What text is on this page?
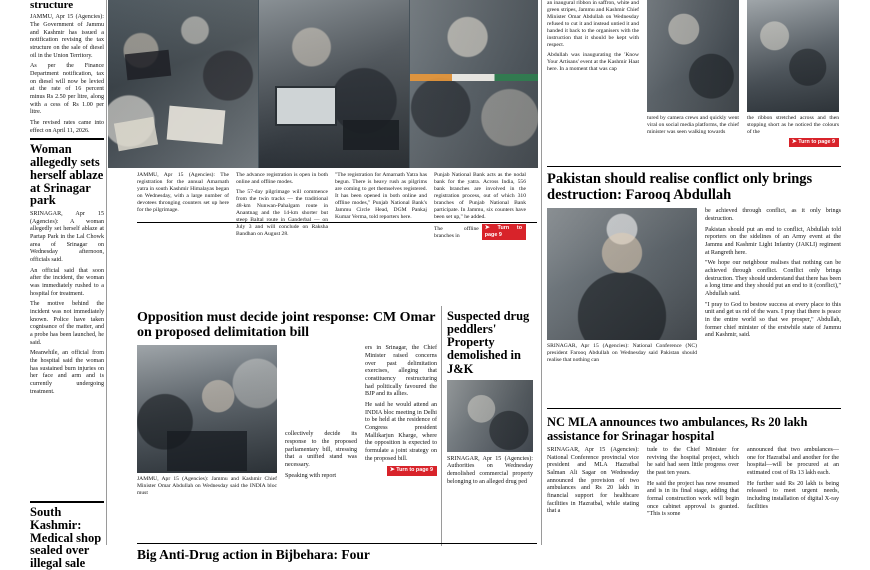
structure

JAMMU, Apr 15 (Agencies): The Government of Jammu and Kashmir has issued a notification revising the tax structure on the sale of diesel oil in the Union Territory.

As per the Finance Department notification, tax on diesel will now be levied at the rate of 16 percent minus Rs 2.50 per litre, along with a cess of Rs 1.00 per litre.

The revised rates came into effect on April 11, 2026.

Woman allegedly sets herself ablaze at Srinagar park

SRINAGAR, Apr 15 (Agencies): A woman allegedly set herself ablaze at Partap Park in the Lal Chowk area of Srinagar on Wednesday afternoon, officials said.

An official said that soon after the incident, the woman was immediately rushed to a hospital for treatment.

The motive behind the incident was not immediately known. Police have taken cognisance of the matter, and a probe has been launched, he said.

Meanwhile, an official from the hospital said the woman has sustained burn injuries on her face and arm and is currently undergoing treatment.

South Kashmir: Medical shop sealed over illegal sale

JAMMU, Apr 15 (Agencies): The registration for the annual Amarnath yatra in south Kashmir Himalayas began on Wednesday, with a large number of devotees thronging counters set up here for the pilgrimage.

The advance registration is open in both online and offline modes.

The 57-day pilgrimage will commence from the twin tracks — the traditional 48-km Nunwan-Pahalgam route in Anantnag and the 14-km shorter but steep Baltal route in Ganderbal — on July 3 and will conclude on Raksha Bandhan on August 28.

"The registration for Amarnath Yatra has begun. There is heavy rush as pilgrims are coming to get themselves registered. It has been opened in both online and offline modes," Punjab National Bank's Jammu Circle Head, DGM Pankaj Kumar Verma, told reporters here.

Punjab National Bank acts as the nodal bank for the yatra. Across India, 556 bank branches are involved in the registration process, out of which 310 branches of Punjab National Bank participate. In Jammu, six counters have been set up," he added.

The offline branches in
➤ Turn to page 9

an inaugural ribbon in saffron, white and green stripes, Jammu and Kashmir Chief Minister Omar Abdullah on Wednesday refused to cut it and instead untied it and handed it back to the organisers with the instruction that it should be kept with respect.

Abdullah was inaugurating the 'Know Your Artisans' event at the Kashmir Haat here. In a moment that was cap

tured by camera crews and quickly went viral on social media platforms, the chief minister was seen walking towards

the ribbon stretched across and then stopping short as he noticed the colours of the

➤ Turn to page 9

Pakistan should realise conflict only brings destruction: Farooq Abdullah
SRINAGAR, Apr 15 (Agencies): National Conference (NC) president Farooq Abdullah on Wednesday said Pakistan should realise that nothing can

be achieved through conflict, as it only brings destruction.

Pakistan should put an end to conflict, Abdullah told reporters on the sidelines of an Army event at the Jammu and Kashmir Light Infantry (JAKLI) regiment at Rangreth here.

"We hope our neighbour realises that nothing can be achieved through conflict. Conflict only brings destruction. They should understand that there has been a long time and they should put an end to it (conflict)," Abdullah said.

"I pray to God to bestow success at every place to this unit and get us rid of the wars. I pray that there is peace in the entire world so that we prosper," Abdullah, former chief minister of the erstwhile state of Jammu and Kashmir, said.

NC MLA announces two ambulances, Rs 20 lakh assistance for Srinagar hospital

SRINAGAR, Apr 15 (Agencies): National Conference provincial vice president and MLA Hazratbal Salman Ali Sagar on Wednesday announced the provision of two ambulances and Rs 20 lakh in financial support for healthcare facilities in Hazratbal, while stating that a

tude to the Chief Minister for reviving the hospital project, which he said had seen little progress over the past ten years.

He said the project has now resumed and is in its final stage, adding that formal construction work will begin once cabinet approval is granted. "This is some

announced that two ambulances—one for Hazratbal and another for the hospital—will be procured at an estimated cost of Rs 13 lakh each.

He further said Rs 20 lakh is being released to meet urgent needs, including installation of digital X-ray facilities

Opposition must decide joint response: CM Omar on proposed delimitation bill
JAMMU, Apr 15 (Agencies): Jammu and Kashmir Chief Minister Omar Abdullah on Wednesday said the INDIA bloc must

collectively decide its response to the proposed parliamentary bill, stressing that a unified stand was necessary.

Speaking with report

ers in Srinagar, the Chief Minister raised concerns over past delimitation exercises, alleging that constituency restructuring had politically favoured the BJP and its allies.

He said he would attend an INDIA bloc meeting in Delhi to be held at the residence of Congress president Mallikarjun Kharge, where the opposition is expected to formulate a joint strategy on the proposed bill.

➤ Turn to page 9

Suspected drug peddlers' Property demolished in J&K

SRINAGAR, Apr 15 (Agencies): Authorities on Wednesday demolished commercial property belonging to an alleged drug ped

Big Anti-Drug action in Bijbehara: Four
